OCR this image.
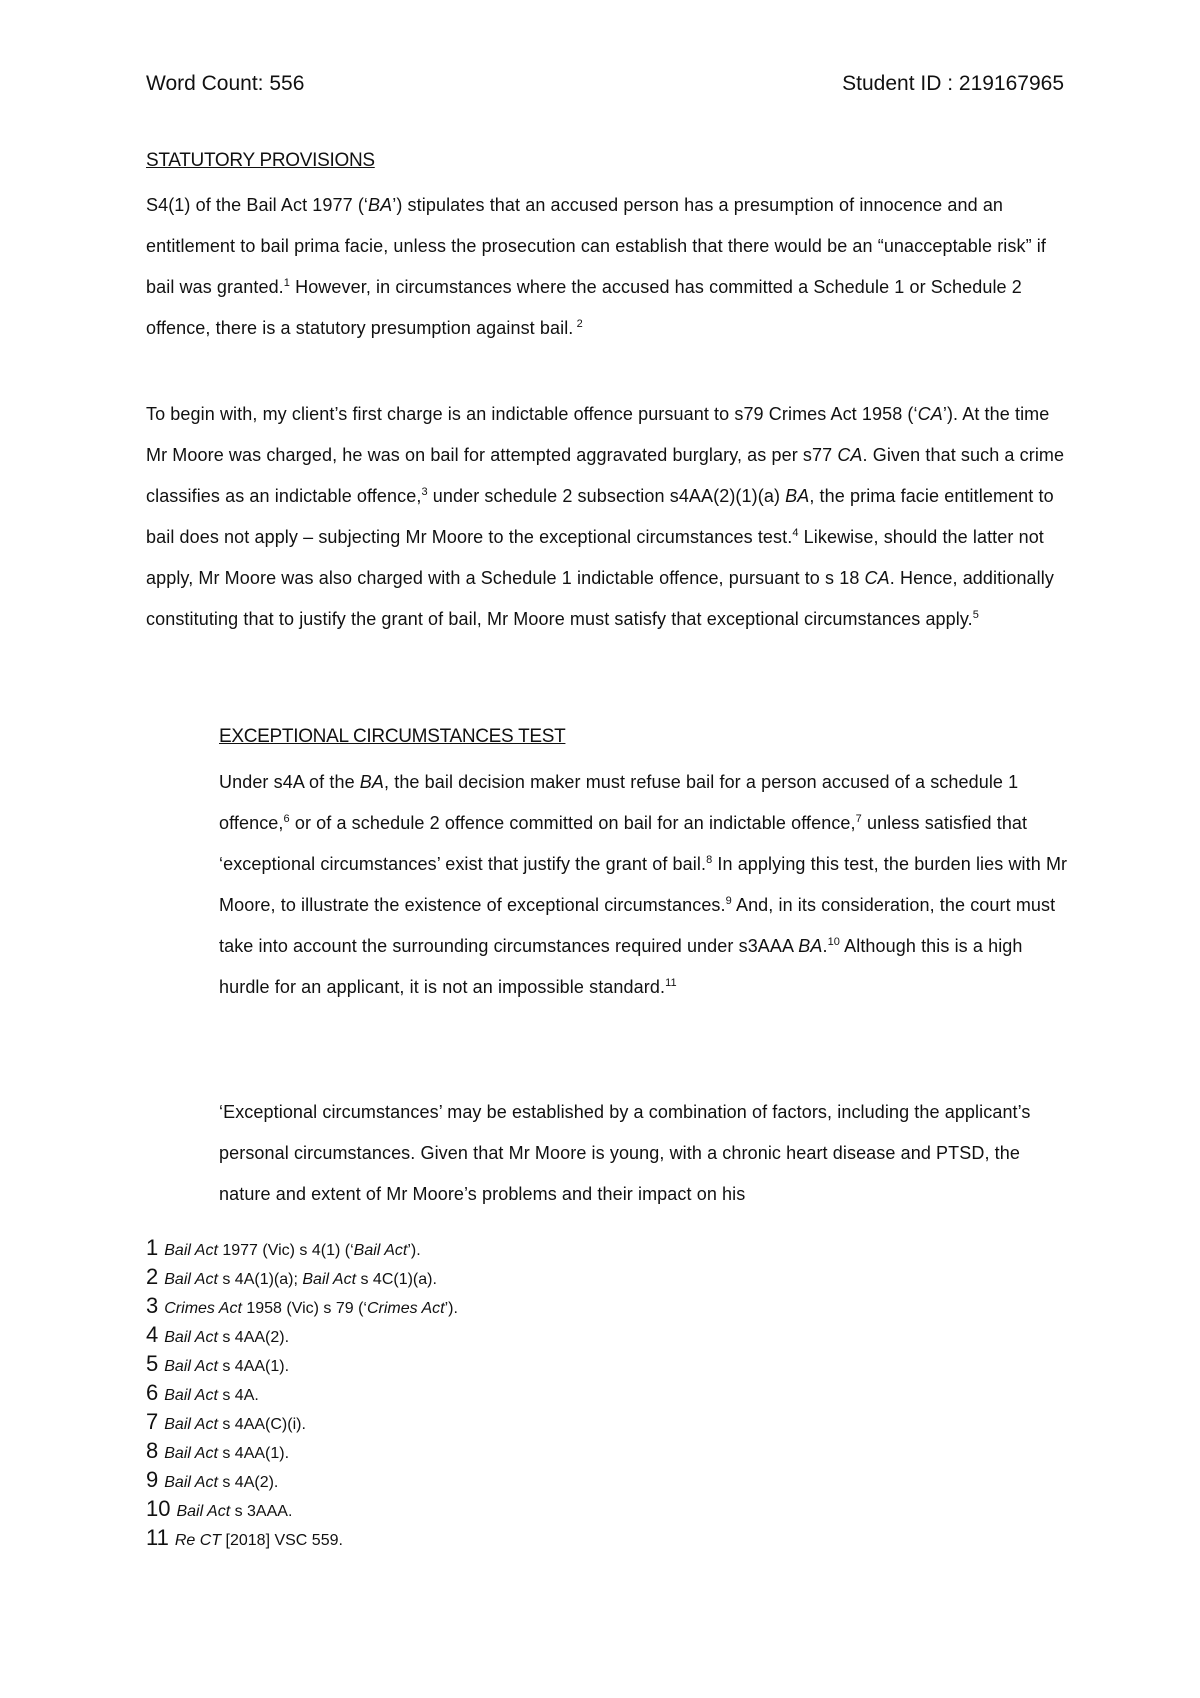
Word Count: 556	Student ID : 219167965
STATUTORY PROVISIONS

S4(1) of the Bail Act 1977 (‘BA’) stipulates that an accused person has a presumption of innocence and an entitlement to bail prima facie, unless the prosecution can establish that there would be an “unacceptable risk” if bail was granted.$^1$ However, in circumstances where the accused has committed a Schedule 1 or Schedule 2 offence, there is a statutory presumption against bail. $^2$

To begin with, my client’s first charge is an indictable offence pursuant to s79 Crimes Act 1958 (‘CA’). At the time Mr Moore was charged, he was on bail for attempted aggravated burglary, as per s77 CA. Given that such a crime classifies as an indictable offence,$^3$ under schedule 2 subsection s4AA(2)(1)(a) BA, the prima facie entitlement to bail does not apply – subjecting Mr Moore to the exceptional circumstances test.$^4$ Likewise, should the latter not apply, Mr Moore was also charged with a Schedule 1 indictable offence, pursuant to s 18 CA. Hence, additionally constituting that to justify the grant of bail, Mr Moore must satisfy that exceptional circumstances apply.$^5$

EXCEPTIONAL CIRCUMSTANCES TEST

Under s4A of the BA, the bail decision maker must refuse bail for a person accused of a schedule 1 offence,$^6$ or of a schedule 2 offence committed on bail for an indictable offence,$^7$ unless satisfied that ‘exceptional circumstances’ exist that justify the grant of bail.$^8$ In applying this test, the burden lies with Mr Moore, to illustrate the existence of exceptional circumstances.$^9$ And, in its consideration, the court must take into account the surrounding circumstances required under s3AAA BA.$^{10}$ Although this is a high hurdle for an applicant, it is not an impossible standard.$^{11}$

‘Exceptional circumstances’ may be established by a combination of factors, including the applicant’s personal circumstances. Given that Mr Moore is young, with a chronic heart disease and PTSD, the nature and extent of Mr Moore’s problems and their impact on his

1 Bail Act 1977 (Vic) s 4(1) (‘Bail Act’).
2 Bail Act s 4A(1)(a); Bail Act s 4C(1)(a).
3 Crimes Act 1958 (Vic) s 79 (‘Crimes Act’).
4 Bail Act s 4AA(2).
5 Bail Act s 4AA(1).
6 Bail Act s 4A.
7 Bail Act s 4AA(C)(i).
8 Bail Act s 4AA(1).
9 Bail Act s 4A(2).
10 Bail Act s 3AAA.
11 Re CT [2018] VSC 559.
